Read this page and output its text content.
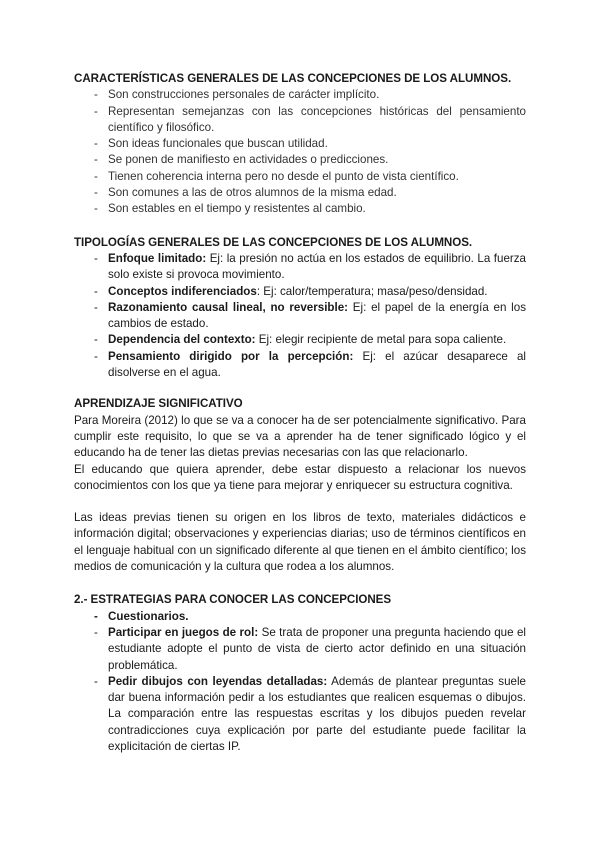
CARACTERÍSTICAS GENERALES DE LAS CONCEPCIONES DE LOS ALUMNOS.

- Son construcciones personales de carácter implícito.
- Representan semejanzas con las concepciones históricas del pensamiento científico y filosófico.
- Son ideas funcionales que buscan utilidad.
- Se ponen de manifiesto en actividades o predicciones.
- Tienen coherencia interna pero no desde el punto de vista científico.
- Son comunes a las de otros alumnos de la misma edad.
- Son estables en el tiempo y resistentes al cambio.

TIPOLOGÍAS GENERALES DE LAS CONCEPCIONES DE LOS ALUMNOS.

- Enfoque limitado: Ej: la presión no actúa en los estados de equilibrio. La fuerza solo existe si provoca movimiento.
- Conceptos indiferenciados: Ej: calor/temperatura; masa/peso/densidad.
- Razonamiento causal lineal, no reversible: Ej: el papel de la energía en los cambios de estado.
- Dependencia del contexto: Ej: elegir recipiente de metal para sopa caliente.
- Pensamiento dirigido por la percepción: Ej: el azúcar desaparece al disolverse en el agua.

APRENDIZAJE SIGNIFICATIVO

Para Moreira (2012) lo que se va a conocer ha de ser potencialmente significativo. Para cumplir este requisito, lo que se va a aprender ha de tener significado lógico y el educando ha de tener las dietas previas necesarias con las que relacionarlo.

El educando que quiera aprender, debe estar dispuesto a relacionar los nuevos conocimientos con los que ya tiene para mejorar y enriquecer su estructura cognitiva.

Las ideas previas tienen su origen en los libros de texto, materiales didácticos e información digital; observaciones y experiencias diarias; uso de términos científicos en el lenguaje habitual con un significado diferente al que tienen en el ámbito científico; los medios de comunicación y la cultura que rodea a los alumnos.

2.- ESTRATEGIAS PARA CONOCER LAS CONCEPCIONES

- Cuestionarios.
- Participar en juegos de rol: Se trata de proponer una pregunta haciendo que el estudiante adopte el punto de vista de cierto actor definido en una situación problemática.
- Pedir dibujos con leyendas detalladas: Además de plantear preguntas suele dar buena información pedir a los estudiantes que realicen esquemas o dibujos. La comparación entre las respuestas escritas y los dibujos pueden revelar contradicciones cuya explicación por parte del estudiante puede facilitar la explicitación de ciertas IP.
